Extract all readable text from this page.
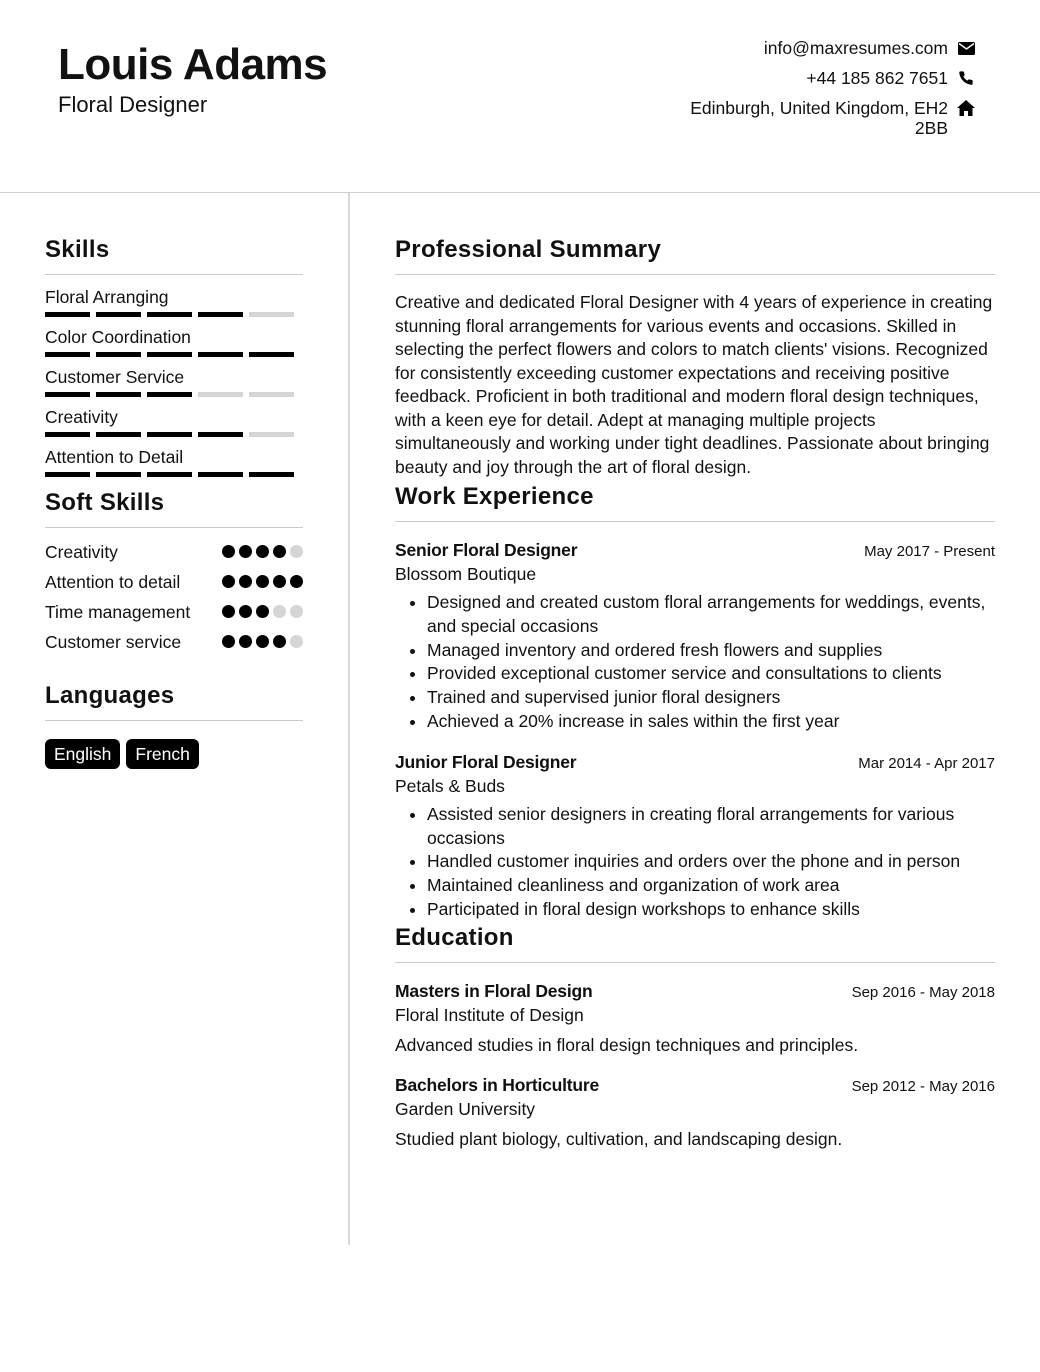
Louis Adams
Floral Designer
info@maxresumes.com
+44 185 862 7651
Edinburgh, United Kingdom, EH2 2BB
Skills
Floral Arranging
Color Coordination
Customer Service
Creativity
Attention to Detail
Soft Skills
Creativity
Attention to detail
Time management
Customer service
Languages
English	French
Professional Summary
Creative and dedicated Floral Designer with 4 years of experience in creating stunning floral arrangements for various events and occasions. Skilled in selecting the perfect flowers and colors to match clients' visions. Recognized for consistently exceeding customer expectations and receiving positive feedback. Proficient in both traditional and modern floral design techniques, with a keen eye for detail. Adept at managing multiple projects simultaneously and working under tight deadlines. Passionate about bringing beauty and joy through the art of floral design.
Work Experience
Senior Floral Designer	May 2017 - Present
Blossom Boutique
• Designed and created custom floral arrangements for weddings, events, and special occasions
• Managed inventory and ordered fresh flowers and supplies
• Provided exceptional customer service and consultations to clients
• Trained and supervised junior floral designers
• Achieved a 20% increase in sales within the first year
Junior Floral Designer	Mar 2014 - Apr 2017
Petals & Buds
• Assisted senior designers in creating floral arrangements for various occasions
• Handled customer inquiries and orders over the phone and in person
• Maintained cleanliness and organization of work area
• Participated in floral design workshops to enhance skills
Education
Masters in Floral Design	Sep 2016 - May 2018
Floral Institute of Design
Advanced studies in floral design techniques and principles.
Bachelors in Horticulture	Sep 2012 - May 2016
Garden University
Studied plant biology, cultivation, and landscaping design.
